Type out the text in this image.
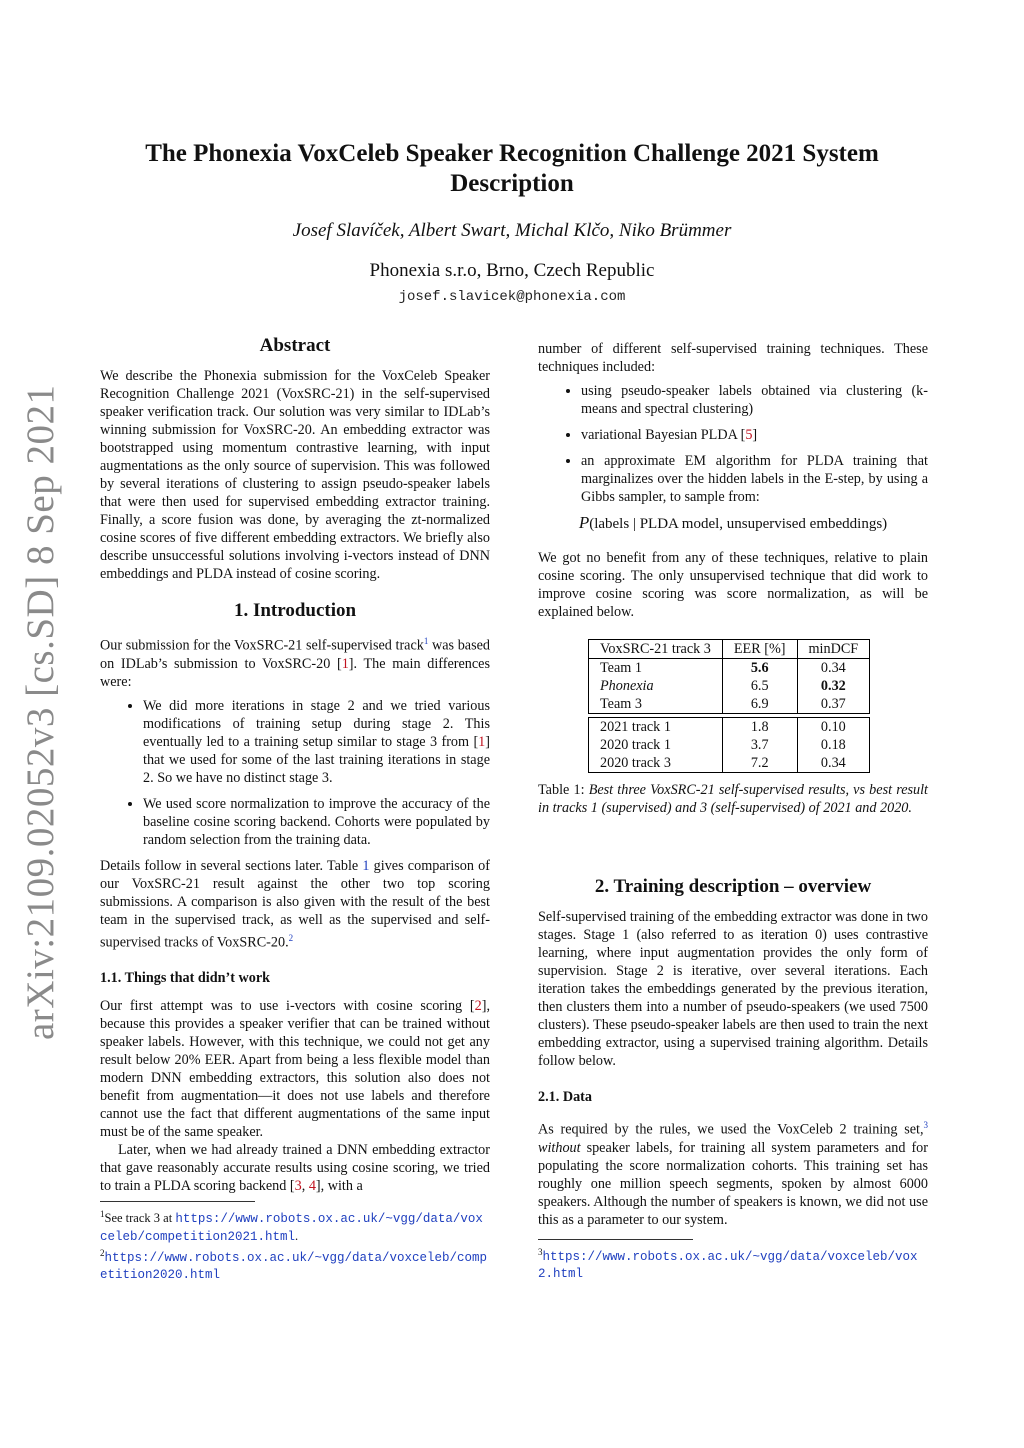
arXiv:2109.02052v3 [cs.SD] 8 Sep 2021
The Phonexia VoxCeleb Speaker Recognition Challenge 2021 System Description
Josef Slavíček, Albert Swart, Michal Klčo, Niko Brümmer
Phonexia s.r.o, Brno, Czech Republic
josef.slavicek@phonexia.com
Abstract

We describe the Phonexia submission for the VoxCeleb Speaker Recognition Challenge 2021 (VoxSRC-21) in the self-supervised speaker verification track. Our solution was very similar to IDLab’s winning submission for VoxSRC-20. An embedding extractor was bootstrapped using momentum contrastive learning, with input augmentations as the only source of supervision. This was followed by several iterations of clustering to assign pseudo-speaker labels that were then used for supervised embedding extractor training. Finally, a score fusion was done, by averaging the zt-normalized cosine scores of five different embedding extractors. We briefly also describe unsuccessful solutions involving i-vectors instead of DNN embeddings and PLDA instead of cosine scoring.

1. Introduction

Our submission for the VoxSRC-21 self-supervised track$^1$ was based on IDLab’s submission to VoxSRC-20 [1]. The main differences were:

• We did more iterations in stage 2 and we tried various modifications of training setup during stage 2. This eventually led to a training setup similar to stage 3 from [1] that we used for some of the last training iterations in stage 2. So we have no distinct stage 3.
• We used score normalization to improve the accuracy of the baseline cosine scoring backend. Cohorts were populated by random selection from the training data.

Details follow in several sections later. Table 1 gives comparison of our VoxSRC-21 result against the other two top scoring submissions. A comparison is also given with the result of the best team in the supervised track, as well as the supervised and self-supervised tracks of VoxSRC-20.$^2$

1.1. Things that didn’t work

Our first attempt was to use i-vectors with cosine scoring [2], because this provides a speaker verifier that can be trained without speaker labels. However, with this technique, we could not get any result below 20% EER. Apart from being a less flexible model than modern DNN embedding extractors, this solution also does not benefit from augmentation—it does not use labels and therefore cannot use the fact that different augmentations of the same input must be of the same speaker.

Later, when we had already trained a DNN embedding extractor that gave reasonably accurate results using cosine scoring, we tried to train a PLDA scoring backend [3, 4], with a

$^1$See track 3 at https://www.robots.ox.ac.uk/~vgg/data/voxceleb/competition2021.html.
$^2$https://www.robots.ox.ac.uk/~vgg/data/voxceleb/competition2020.html

number of different self-supervised training techniques. These techniques included:

• using pseudo-speaker labels obtained via clustering (k-means and spectral clustering)
• variational Bayesian PLDA [5]
• an approximate EM algorithm for PLDA training that marginalizes over the hidden labels in the E-step, by using a Gibbs sampler, to sample from:
P(labels | PLDA model, unsupervised embeddings)

We got no benefit from any of these techniques, relative to plain cosine scoring. The only unsupervised technique that did work to improve cosine scoring was score normalization, as will be explained below.

VoxSRC-21 track 3	EER [%]	minDCF
Team 1	5.6	0.34
Phonexia	6.5	0.32
Team 3	6.9	0.37

2021 track 1	1.8	0.10
2020 track 1	3.7	0.18
2020 track 3	7.2	0.34

Table 1: Best three VoxSRC-21 self-supervised results, vs best result in tracks 1 (supervised) and 3 (self-supervised) of 2021 and 2020.

2. Training description – overview

Self-supervised training of the embedding extractor was done in two stages. Stage 1 (also referred to as iteration 0) uses contrastive learning, where input augmentation provides the only form of supervision. Stage 2 is iterative, over several iterations. Each iteration takes the embeddings generated by the previous iteration, then clusters them into a number of pseudo-speakers (we used 7500 clusters). These pseudo-speaker labels are then used to train the next embedding extractor, using a supervised training algorithm. Details follow below.

2.1. Data

As required by the rules, we used the VoxCeleb 2 training set,$^3$ without speaker labels, for training all system parameters and for populating the score normalization cohorts. This training set has roughly one million speech segments, spoken by almost 6000 speakers. Although the number of speakers is known, we did not use this as a parameter to our system.

$^3$https://www.robots.ox.ac.uk/~vgg/data/voxceleb/vox2.html
